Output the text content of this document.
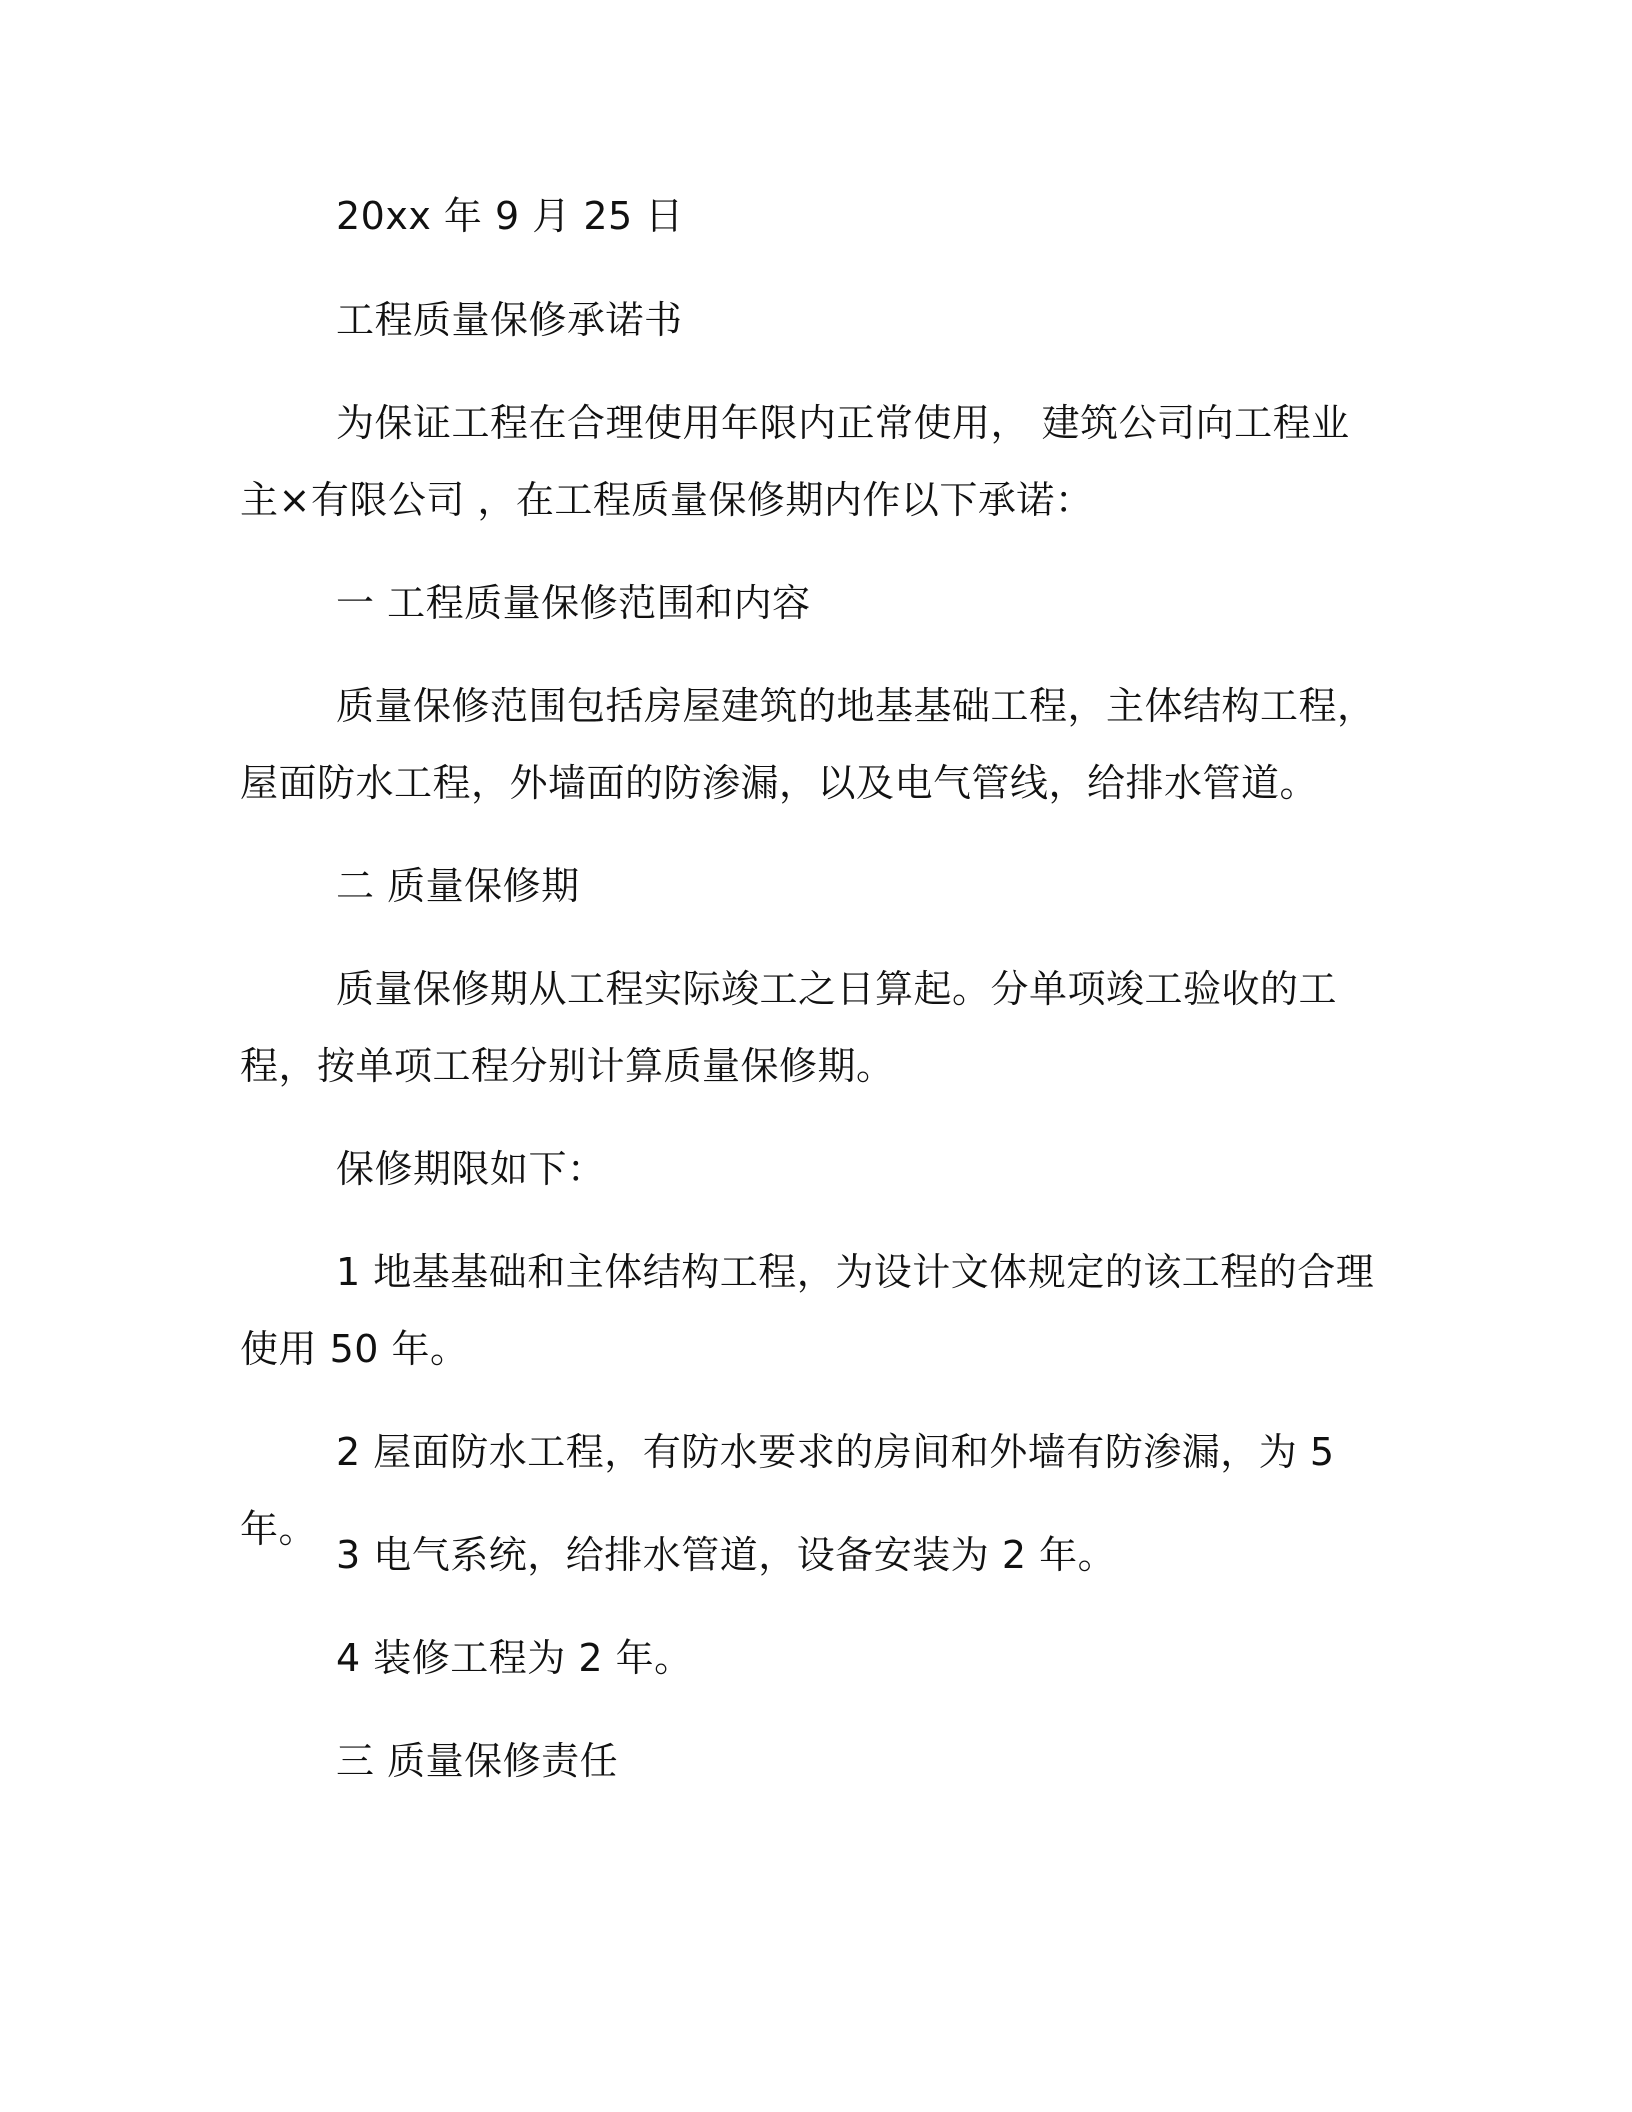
20xx 年 9 月 25 日

工程质量保修承诺书

为保证工程在合理使用年限内正常使用， 建筑公司向工程业主×有限公司 ，在工程质量保修期内作以下承诺：

一 工程质量保修范围和内容

质量保修范围包括房屋建筑的地基基础工程，主体结构工程，屋面防水工程，外墙面的防渗漏，以及电气管线，给排水管道。

二 质量保修期

质量保修期从工程实际竣工之日算起。分单项竣工验收的工程，按单项工程分别计算质量保修期。

保修期限如下：

1 地基基础和主体结构工程，为设计文体规定的该工程的合理使用 50 年。

2 屋面防水工程，有防水要求的房间和外墙有防渗漏，为 5 年。

3 电气系统，给排水管道，设备安装为 2 年。

4 装修工程为 2 年。

三 质量保修责任
